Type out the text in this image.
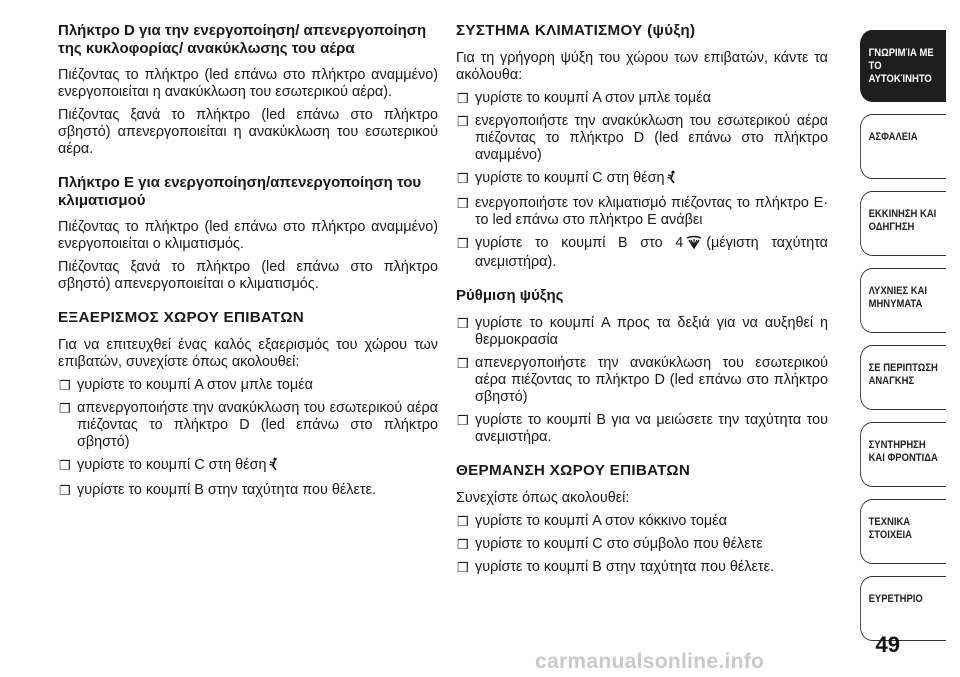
Πλήκτρο D για την ενεργοποίηση/ απενεργοποίηση της κυκλοφορίας/ ανακύκλωσης του αέρα

Πιέζοντας το πλήκτρο (led επάνω στο πλήκτρο αναμμένο) ενεργοποιείται η ανακύκλωση του εσωτερικού αέρα).

Πιέζοντας ξανά το πλήκτρο (led επάνω στο πλήκτρο σβηστό) απενεργοποιείται η ανακύκλωση του εσωτερικού αέρα.

Πλήκτρο E για ενεργοποίηση/απενεργοποίηση του κλιματισμού

Πιέζοντας το πλήκτρο (led επάνω στο πλήκτρο αναμμένο) ενεργοποιείται ο κλιματισμός.

Πιέζοντας ξανά το πλήκτρο (led επάνω στο πλήκτρο σβηστό) απενεργοποιείται ο κλιματισμός.

ΕΞΑΕΡΙΣΜΟΣ ΧΩΡΟΥ ΕΠΙΒΑΤΩΝ

Για να επιτευχθεί ένας καλός εξαερισμός του χώρου των επιβατών, συνεχίστε όπως ακολουθεί:

❒ γυρίστε το κουμπί A στον μπλε τομέα
❒ απενεργοποιήστε την ανακύκλωση του εσωτερικού αέρα πιέζοντας το πλήκτρο D (led επάνω στο πλήκτρο σβηστό)
❒ γυρίστε το κουμπί C στη θέση
❒ γυρίστε το κουμπί B στην ταχύτητα που θέλετε.
ΣΥΣΤΗΜΑ ΚΛΙΜΑΤΙΣΜΟΥ (ψύξη)

Για τη γρήγορη ψύξη του χώρου των επιβατών, κάντε τα ακόλουθα:

❒ γυρίστε το κουμπί A στον μπλε τομέα
❒ ενεργοποιήστε την ανακύκλωση του εσωτερικού αέρα πιέζοντας το πλήκτρο D (led επάνω στο πλήκτρο αναμμένο)
❒ γυρίστε το κουμπί C στη θέση
❒ ενεργοποιήστε τον κλιματισμό πιέζοντας το πλήκτρο E· το led επάνω στο πλήκτρο E ανάβει
❒ γυρίστε το κουμπί B στο 4 (μέγιστη ταχύτητα ανεμιστήρα).
Ρύθμιση ψύξης
❒ γυρίστε το κουμπί A προς τα δεξιά για να αυξηθεί η θερμοκρασία
❒ απενεργοποιήστε την ανακύκλωση του εσωτερικού αέρα πιέζοντας το πλήκτρο D (led επάνω στο πλήκτρο σβηστό)
❒ γυρίστε το κουμπί B για να μειώσετε την ταχύτητα του ανεμιστήρα.
ΘΕΡΜΑΝΣΗ ΧΩΡΟΥ ΕΠΙΒΑΤΩΝ

Συνεχίστε όπως ακολουθεί:

❒ γυρίστε το κουμπί A στον κόκκινο τομέα
❒ γυρίστε το κουμπί C στο σύμβολο που θέλετε
❒ γυρίστε το κουμπί B στην ταχύτητα που θέλετε.
ΓΝΩΡΙΜΊΑ ΜΕ ΤΟ ΑΥΤΟΚΊΝΗΤΟ
ΑΣΦΑΛΕΙΑ
ΕΚΚΙΝΗΣΗ ΚΑΙ ΟΔΗΓΗΣΗ
ΛΥΧΝΙΕΣ ΚΑΙ ΜΗΝΥΜΑΤΑ
ΣΕ ΠΕΡΙΠΤΩΣΗ ΑΝΑΓΚΗΣ
ΣΥΝΤΗΡΗΣΗ ΚΑΙ ΦΡΟΝΤΙΔΑ
ΤΕΧΝΙΚΑ ΣΤΟΙΧΕΙΑ
ΕΥΡΕΤΗΡΙΟ
49
carmanualsonline.info
